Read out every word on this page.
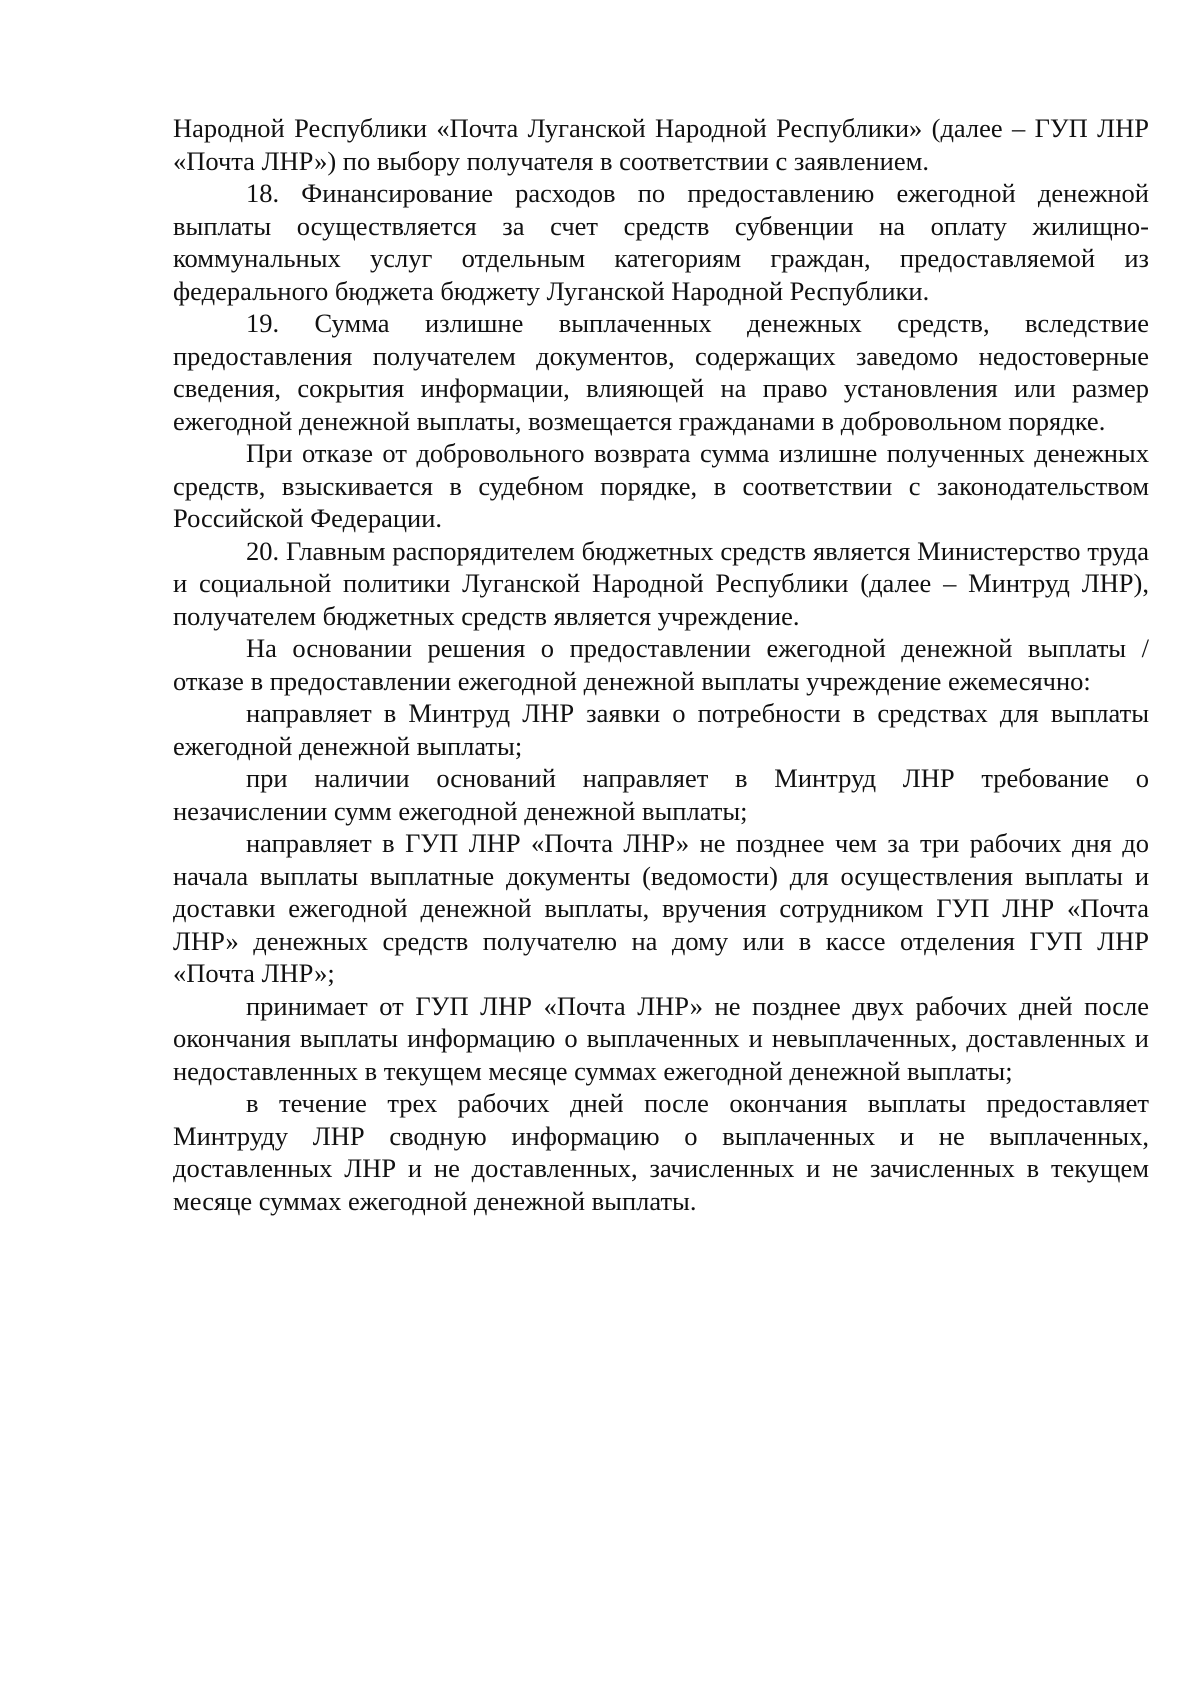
Народной Республики «Почта Луганской Народной Республики» (далее – ГУП ЛНР «Почта ЛНР») по выбору получателя в соответствии с заявлением.

18. Финансирование расходов по предоставлению ежегодной денежной выплаты осуществляется за счет средств субвенции на оплату жилищно-коммунальных услуг отдельным категориям граждан, предоставляемой из федерального бюджета бюджету Луганской Народной Республики.

19. Сумма излишне выплаченных денежных средств, вследствие предоставления получателем документов, содержащих заведомо недостоверные сведения, сокрытия информации, влияющей на право установления или размер ежегодной денежной выплаты, возмещается гражданами в добровольном порядке.

При отказе от добровольного возврата сумма излишне полученных денежных средств, взыскивается в судебном порядке, в соответствии с законодательством Российской Федерации.

20. Главным распорядителем бюджетных средств является Министерство труда и социальной политики Луганской Народной Республики (далее – Минтруд ЛНР), получателем бюджетных средств является учреждение.

На основании решения о предоставлении ежегодной денежной выплаты / отказе в предоставлении ежегодной денежной выплаты учреждение ежемесячно:

направляет в Минтруд ЛНР заявки о потребности в средствах для выплаты ежегодной денежной выплаты;

при наличии оснований направляет в Минтруд ЛНР требование о незачислении сумм ежегодной денежной выплаты;

направляет в ГУП ЛНР «Почта ЛНР» не позднее чем за три рабочих дня до начала выплаты выплатные документы (ведомости) для осуществления выплаты и доставки ежегодной денежной выплаты, вручения сотрудником ГУП ЛНР «Почта ЛНР» денежных средств получателю на дому или в кассе отделения ГУП ЛНР «Почта ЛНР»;

принимает от ГУП ЛНР «Почта ЛНР» не позднее двух рабочих дней после окончания выплаты информацию о выплаченных и невыплаченных, доставленных и недоставленных в текущем месяце суммах ежегодной денежной выплаты;

в течение трех рабочих дней после окончания выплаты предоставляет Минтруду ЛНР сводную информацию о выплаченных и не выплаченных, доставленных ЛНР и не доставленных, зачисленных и не зачисленных в текущем месяце суммах ежегодной денежной выплаты.
